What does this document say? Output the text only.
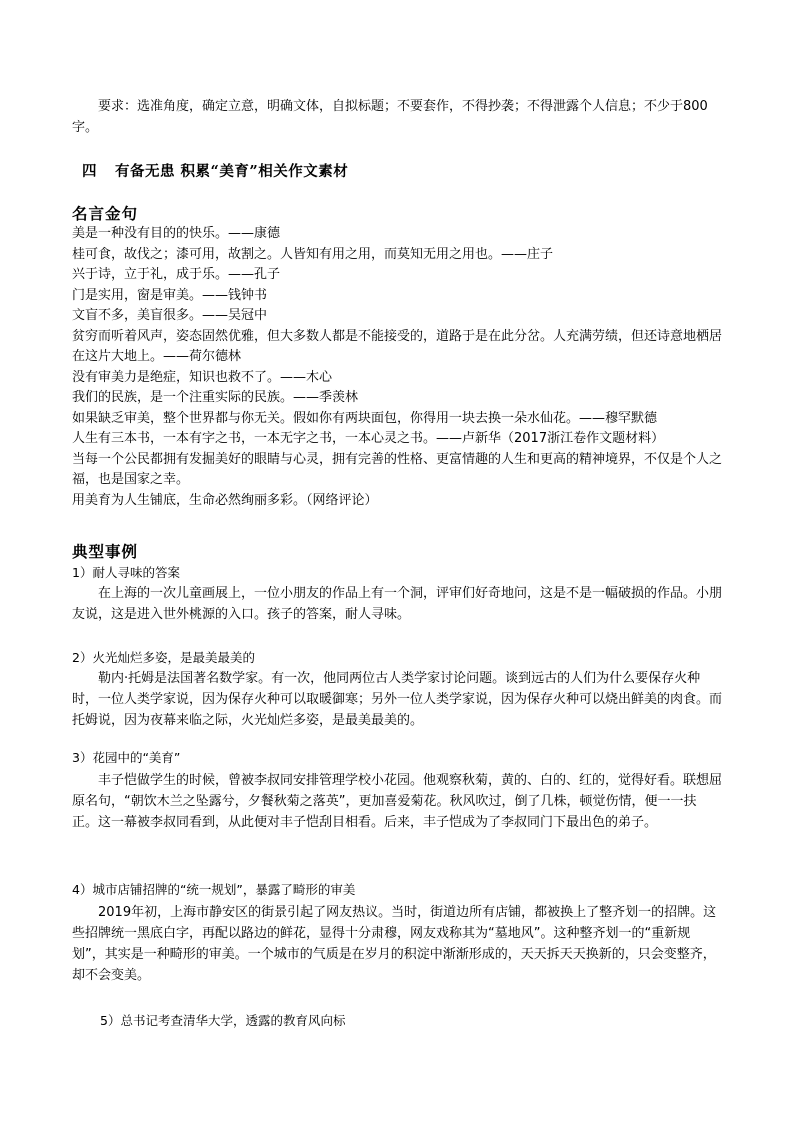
要求：选准角度，确定立意，明确文体，自拟标题；不要套作，不得抄袭；不得泄露个人信息；不少于800字。

四 有备无患 积累“美育”相关作文素材
名言金句

美是一种没有目的的快乐。——康德

桂可食，故伐之；漆可用，故割之。人皆知有用之用，而莫知无用之用也。——庄子

兴于诗，立于礼，成于乐。——孔子

门是实用，窗是审美。——钱钟书

文盲不多，美盲很多。——吴冠中

贫穷而听着风声，姿态固然优雅，但大多数人都是不能接受的，道路于是在此分岔。人充满劳绩，但还诗意地栖居在这片大地上。——荷尔德林

没有审美力是绝症，知识也救不了。——木心

我们的民族，是一个注重实际的民族。——季羡林

如果缺乏审美，整个世界都与你无关。假如你有两块面包，你得用一块去换一朵水仙花。——穆罕默德

人生有三本书，一本有字之书，一本无字之书，一本心灵之书。——卢新华（2017浙江卷作文题材料）

当每一个公民都拥有发掘美好的眼睛与心灵，拥有完善的性格、更富情趣的人生和更高的精神境界，不仅是个人之福，也是国家之幸。

用美育为人生铺底，生命必然绚丽多彩。（网络评论）

典型事例
1）耐人寻味的答案

在上海的一次儿童画展上，一位小朋友的作品上有一个洞，评审们好奇地问，这是不是一幅破损的作品。小朋友说，这是进入世外桃源的入口。孩子的答案，耐人寻味。

2）火光灿烂多姿，是最美最美的

勒内·托姆是法国著名数学家。有一次，他同两位古人类学家讨论问题。谈到远古的人们为什么要保存火种时，一位人类学家说，因为保存火种可以取暖御寒；另外一位人类学家说，因为保存火种可以烧出鲜美的肉食。而托姆说，因为夜幕来临之际，火光灿烂多姿，是最美最美的。

3）花园中的“美育”

丰子恺做学生的时候，曾被李叔同安排管理学校小花园。他观察秋菊，黄的、白的、红的，觉得好看。联想屈原名句，“朝饮木兰之坠露兮，夕餐秋菊之落英”，更加喜爱菊花。秋风吹过，倒了几株，顿觉伤情，便一一扶正。这一幕被李叔同看到，从此便对丰子恺刮目相看。后来，丰子恺成为了李叔同门下最出色的弟子。

4）城市店铺招牌的“统一规划”，暴露了畸形的审美

2019年初，上海市静安区的街景引起了网友热议。当时，街道边所有店铺，都被换上了整齐划一的招牌。这些招牌统一黑底白字，再配以路边的鲜花，显得十分肃穆，网友戏称其为“墓地风”。这种整齐划一的“重新规划”，其实是一种畸形的审美。一个城市的气质是在岁月的积淀中渐渐形成的，天天拆天天换新的，只会变整齐，却不会变美。

5）总书记考查清华大学，透露的教育风向标
